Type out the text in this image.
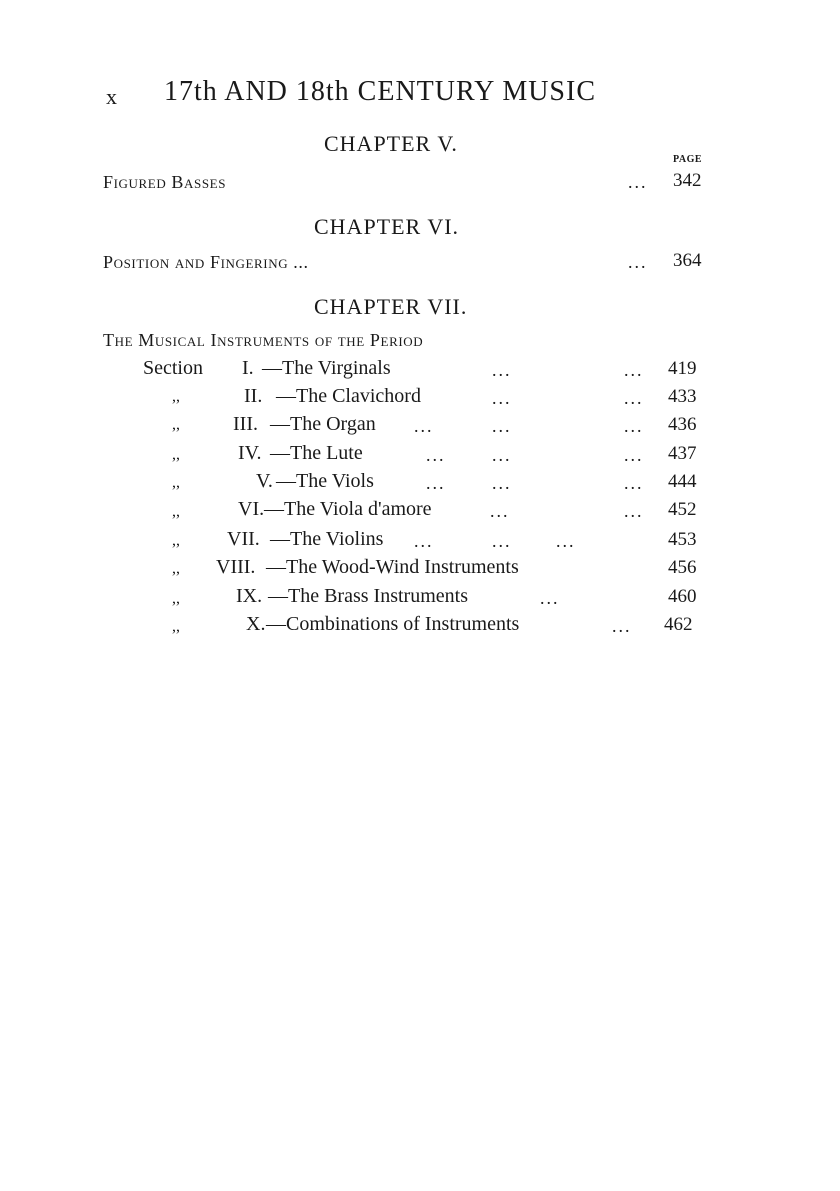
x 17th AND 18th CENTURY MUSIC
PAGE
CHAPTER V.
Figured Basses	... 342
CHAPTER VI.
Position and Fingering ...	... 364
CHAPTER VII.
The Musical Instruments of the Period
Section I. —The Virginals	...	... 419
,,	II. —The Clavichord	...	... 433
,,	III. —The Organ ...	...	... 436
,,	IV. —The Lute	...	...	... 437
,,	V. —The Viols	...	...	... 444
,,	VI. —The Viola d'amore	...	... 452
,, VII. —The Violins ...	... ...	453
,, VIII. —The Wood-Wind Instruments	456
,,	IX. —The Brass Instruments	...	460
,,	X. —Combinations of Instruments	... 462
